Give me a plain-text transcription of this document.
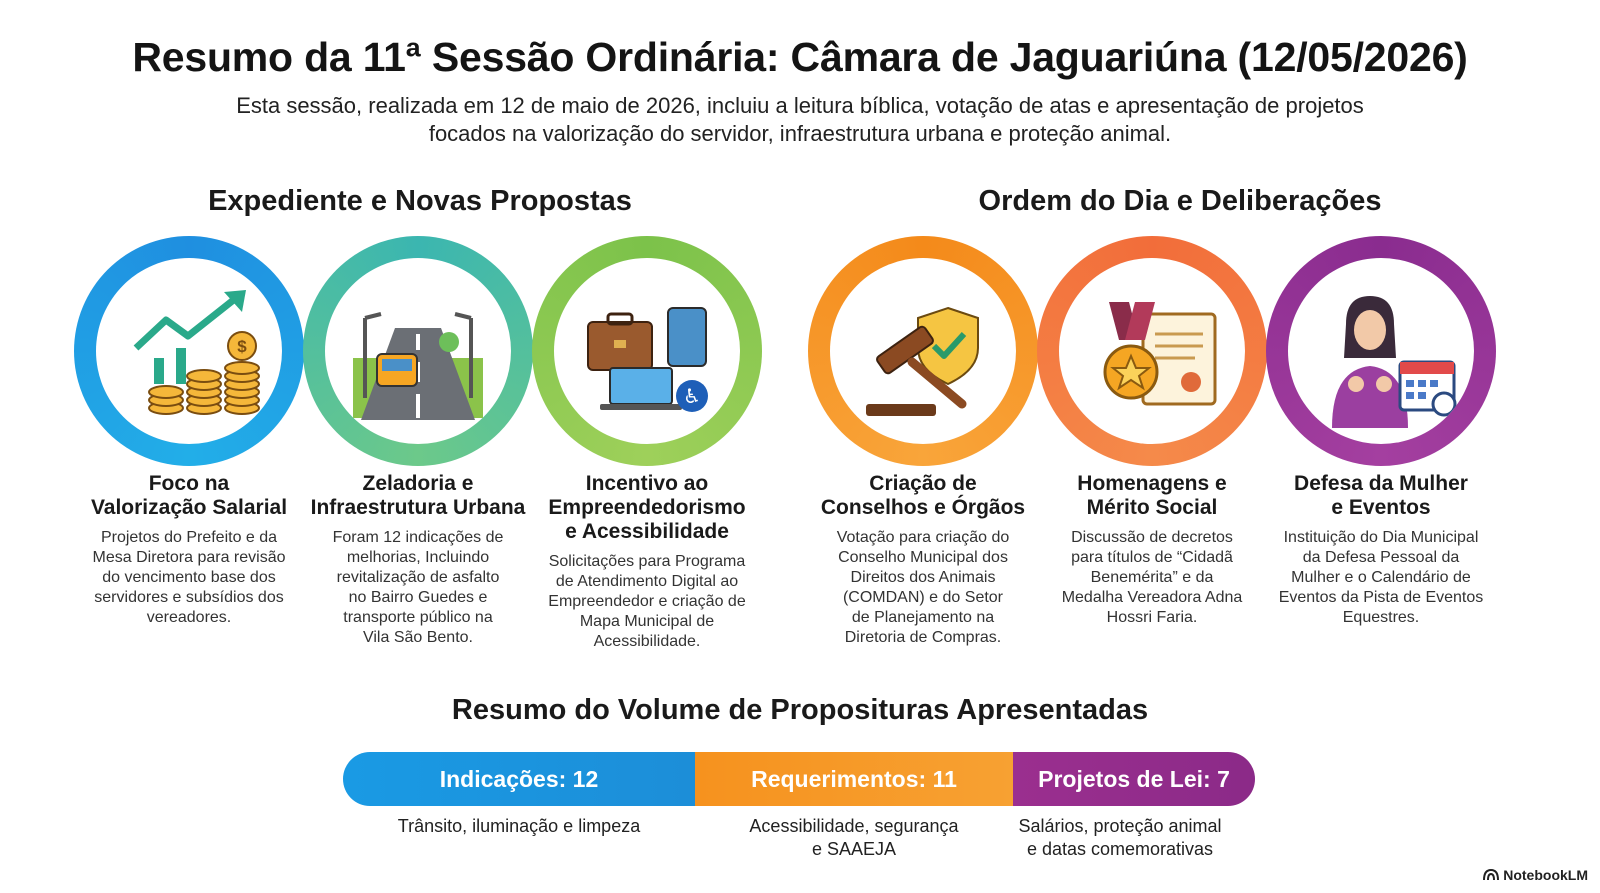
Resumo da 11ª Sessão Ordinária: Câmara de Jaguariúna (12/05/2026)
Esta sessão, realizada em 12 de maio de 2026, incluiu a leitura bíblica, votação de atas e apresentação de projetos
focados na valorização do servidor, infraestrutura urbana e proteção animal.
Expediente e Novas Propostas	Ordem do Dia e Deliberações
$
Foco na
Valorização Salarial
Projetos do Prefeito e da
Mesa Diretora para revisão
do vencimento base dos
servidores e subsídios dos
vereadores.
Zeladoria e
Infraestrutura Urbana
Foram 12 indicações de
melhorias, Incluindo
revitalização de asfalto
no Bairro Guedes e
transporte público na
Vila São Bento.
♿
Incentivo ao
Empreendedorismo
e Acessibilidade
Solicitações para Programa
de Atendimento Digital ao
Empreendedor e criação de
Mapa Municipal de
Acessibilidade.
Criação de
Conselhos e Órgãos
Votação para criação do
Conselho Municipal dos
Direitos dos Animais
(COMDAN) e do Setor
de Planejamento na
Diretoria de Compras.
Homenagens e
Mérito Social
Discussão de decretos
para títulos de “Cidadã
Benemérita” e da
Medalha Vereadora Adna
Hossri Faria.
Defesa da Mulher
e Eventos
Instituição do Dia Municipal
da Defesa Pessoal da
Mulher e o Calendário de
Eventos da Pista de Eventos
Equestres.
Resumo do Volume de Proposituras Apresentadas
Indicações: 12	Requerimentos: 11	Projetos de Lei: 7
Trânsito, iluminação e limpeza	Acessibilidade, segurança
e SAAEJA
Salários, proteção animal
e datas comemorativas
NotebookLM
